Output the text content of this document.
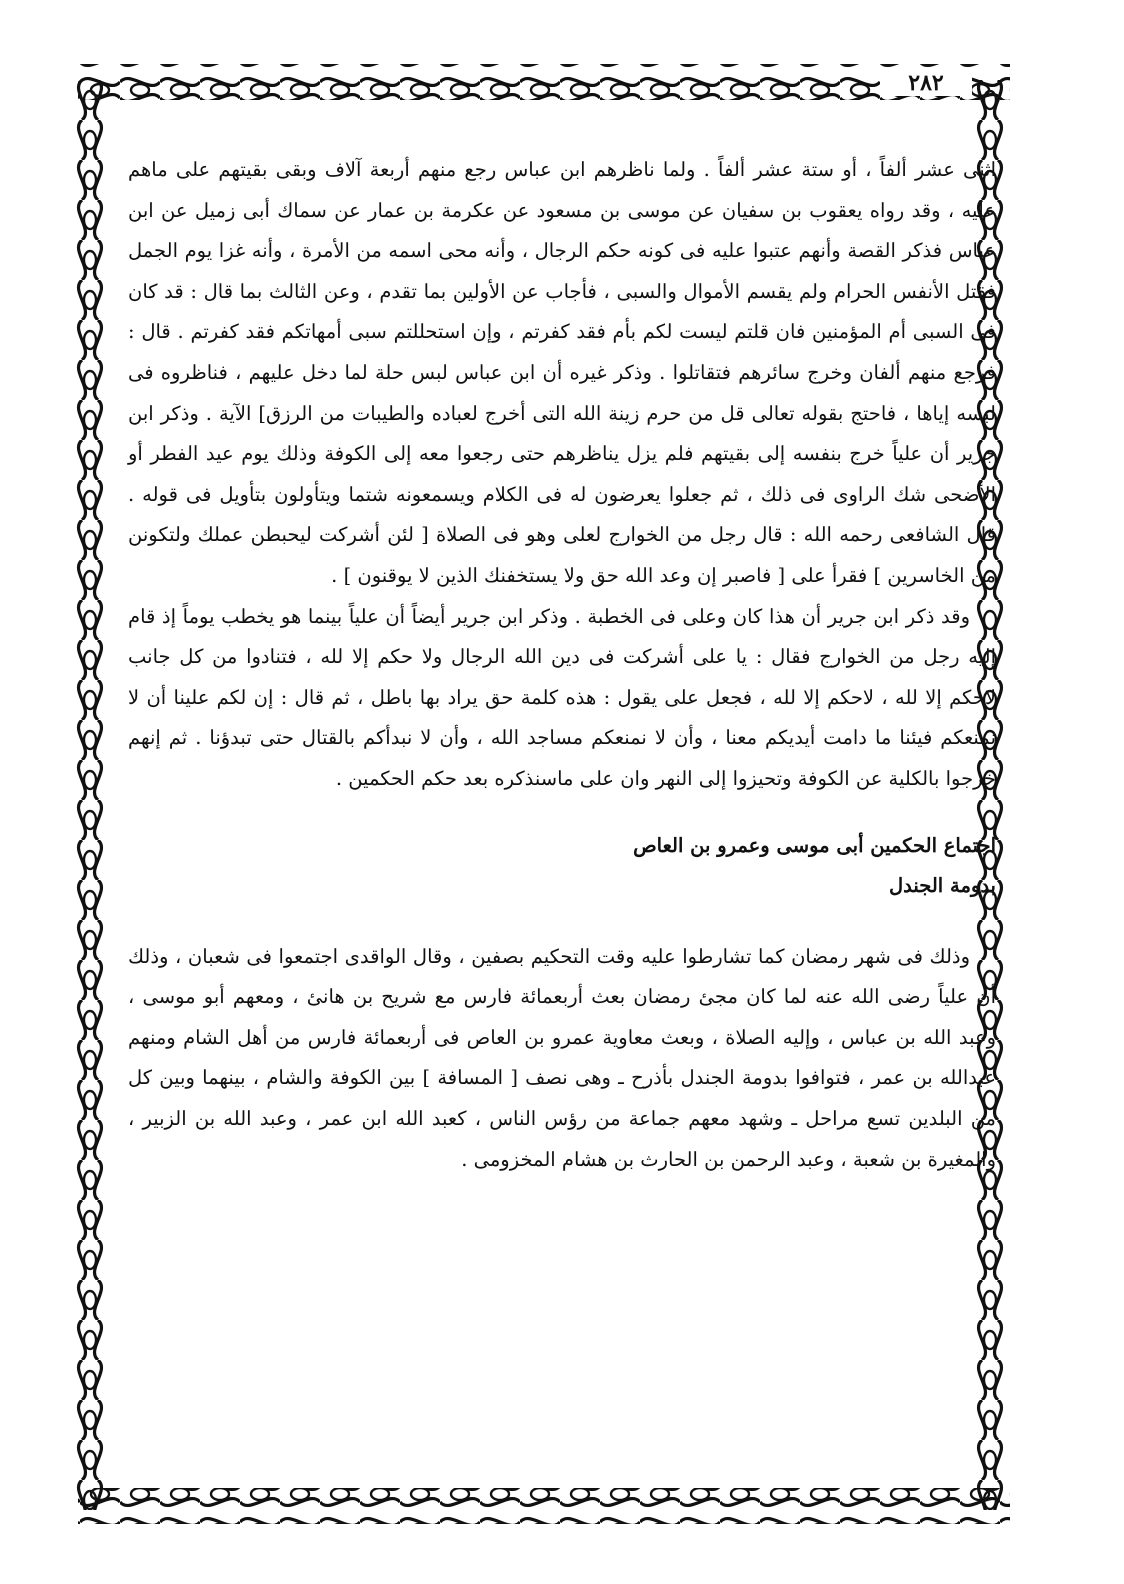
٢٨٢

اثنى عشر ألفاً ، أو ستة عشر ألفاً . ولما ناظرهم ابن عباس رجع منهم أربعة آلاف وبقى بقيتهم على ماهم عليه ، وقد رواه يعقوب بن سفيان عن موسى بن مسعود عن عكرمة بن عمار عن سماك أبى زميل عن ابن عباس فذكر القصة وأنهم عتبوا عليه فى كونه حكم الرجال ، وأنه محى اسمه من الأمرة ، وأنه غزا يوم الجمل فقتل الأنفس الحرام ولم يقسم الأموال والسبى ، فأجاب عن الأولين بما تقدم ، وعن الثالث بما قال : قد كان فى السبى أم المؤمنين فان قلتم ليست لكم بأم فقد كفرتم ، وإن استحللتم سبى أمهاتكم فقد كفرتم . قال : فرجع منهم ألفان وخرج سائرهم فتقاتلوا . وذكر غيره أن ابن عباس لبس حلة لما دخل عليهم ، فناظروه فى لبسه إياها ، فاحتج بقوله تعالى قل من حرم زينة الله التى أخرج لعباده والطيبات من الرزق] الآية . وذكر ابن جرير أن علياً خرج بنفسه إلى بقيتهم فلم يزل يناظرهم حتى رجعوا معه إلى الكوفة وذلك يوم عيد الفطر أو الأضحى شك الراوى فى ذلك ، ثم جعلوا يعرضون له فى الكلام ويسمعونه شتما ويتأولون بتأويل فى قوله . قال الشافعى رحمه الله : قال رجل من الخوارج لعلى وهو فى الصلاة [ لئن أشركت ليحبطن عملك ولتكونن من الخاسرين ] فقرأ على [ فاصبر إن وعد الله حق ولا يستخفنك الذين لا يوقنون ] .

وقد ذكر ابن جرير أن هذا كان وعلى فى الخطبة . وذكر ابن جرير أيضاً أن علياً بينما هو يخطب يوماً إذ قام إليه رجل من الخوارج فقال : يا على أشركت فى دين الله الرجال ولا حكم إلا لله ، فتنادوا من كل جانب لاحكم إلا لله ، لاحكم إلا لله ، فجعل على يقول : هذه كلمة حق يراد بها باطل ، ثم قال : إن لكم علينا أن لا نمنعكم فيئنا ما دامت أيديكم معنا ، وأن لا نمنعكم مساجد الله ، وأن لا نبدأكم بالقتال حتى تبدؤنا . ثم إنهم خرجوا بالكلية عن الكوفة وتحيزوا إلى النهر وان على ماسنذكره بعد حكم الحكمين .

اجتماع الحكمين أبى موسى وعمرو بن العاص

بدومة الجندل

وذلك فى شهر رمضان كما تشارطوا عليه وقت التحكيم بصفين ، وقال الواقدى اجتمعوا فى شعبان ، وذلك أن علياً رضى الله عنه لما كان مجئ رمضان بعث أربعمائة فارس مع شريح بن هانئ ، ومعهم أبو موسى ، وعبد الله بن عباس ، وإليه الصلاة ، وبعث معاوية عمرو بن العاص فى أربعمائة فارس من أهل الشام ومنهم عبدالله بن عمر ، فتوافوا بدومة الجندل بأذرح ـ وهى نصف [ المسافة ] بين الكوفة والشام ، بينهما وبين كل من البلدين تسع مراحل ـ وشهد معهم جماعة من رؤس الناس ، كعبد الله ابن عمر ، وعبد الله بن الزبير ، والمغيرة بن شعبة ، وعبد الرحمن بن الحارث بن هشام المخزومى .
